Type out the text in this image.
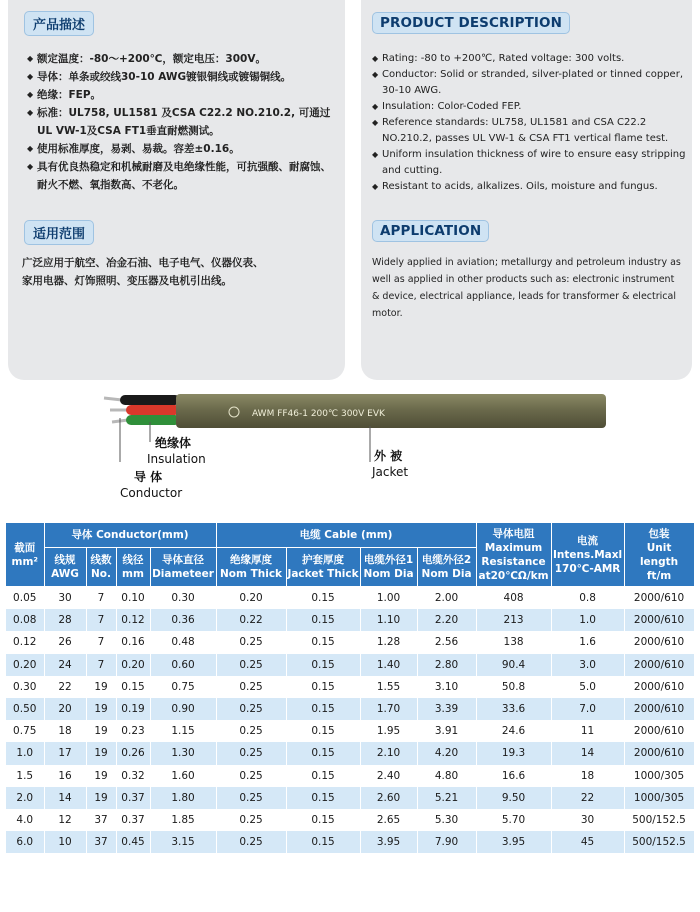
产品描述
◆ 额定温度：-80～+200℃，额定电压：300V。
◆ 导体：单条或绞线30-10 AWG镀银铜线或镀锡铜线。
◆ 绝缘：FEP。
◆ 标准：UL758, UL1581 及CSA C22.2 NO.210.2, 可通过UL VW-1及CSA FT1垂直耐燃测试。
◆ 使用标准厚度，易剥、易裁。容差±0.16。
◆ 具有优良热稳定和机械耐磨及电绝缘性能，可抗强酸、耐腐蚀、耐火不燃、氧指数高、不老化。
适用范围

广泛应用于航空、冶金石油、电子电气、仪器仪表、家用电器、灯饰照明、变压器及电机引出线。

PRODUCT DESCRIPTION
◆ Rating: -80 to +200℃, Rated voltage: 300 volts.
◆ Conductor: Solid or stranded, silver-plated or tinned copper, 30-10 AWG.
◆ Insulation: Color-Coded FEP.
◆ Reference standards: UL758, UL1581 and CSA C22.2 NO.210.2, passes UL VW-1 & CSA FT1 vertical flame test.
◆ Uniform insulation thickness of wire to ensure easy stripping and cutting.
◆ Resistant to acids, alkalizes. Oils, moisture and fungus.
APPLICATION

Widely applied in aviation; metallurgy and petroleum industry as well as applied in other products such as: electronic instrument & device, electrical appliance, leads for transformer & electrical motor.

AWM FF46-1 200℃ 300V EVK
绝缘体
Insulation
导 体
Conductor
外 被
Jacket
截面
mm²	导体 Conductor(mm)				电缆 Cable (mm)				导体电阻
Maximum
Resistance
at20℃Ω/km	电流
Intens.Maxl
170℃-AMR	包装
Unit
length
ft/m
	线规
AWG	线数
No.	线径
mm	导体直径
Diameteer	绝缘厚度
Nom Thick	护套厚度
Jacket Thick	电缆外径1
Nom Dia	电缆外径2
Nom Dia			
0.05	30	7	0.10	0.30	0.20	0.15	1.00	2.00	408	0.8	2000/610
0.08	28	7	0.12	0.36	0.22	0.15	1.10	2.20	213	1.0	2000/610
0.12	26	7	0.16	0.48	0.25	0.15	1.28	2.56	138	1.6	2000/610
0.20	24	7	0.20	0.60	0.25	0.15	1.40	2.80	90.4	3.0	2000/610
0.30	22	19	0.15	0.75	0.25	0.15	1.55	3.10	50.8	5.0	2000/610
0.50	20	19	0.19	0.90	0.25	0.15	1.70	3.39	33.6	7.0	2000/610
0.75	18	19	0.23	1.15	0.25	0.15	1.95	3.91	24.6	11	2000/610
1.0	17	19	0.26	1.30	0.25	0.15	2.10	4.20	19.3	14	2000/610
1.5	16	19	0.32	1.60	0.25	0.15	2.40	4.80	16.6	18	1000/305
2.0	14	19	0.37	1.80	0.25	0.15	2.60	5.21	9.50	22	1000/305
4.0	12	37	0.37	1.85	0.25	0.15	2.65	5.30	5.70	30	500/152.5
6.0	10	37	0.45	3.15	0.25	0.15	3.95	7.90	3.95	45	500/152.5
